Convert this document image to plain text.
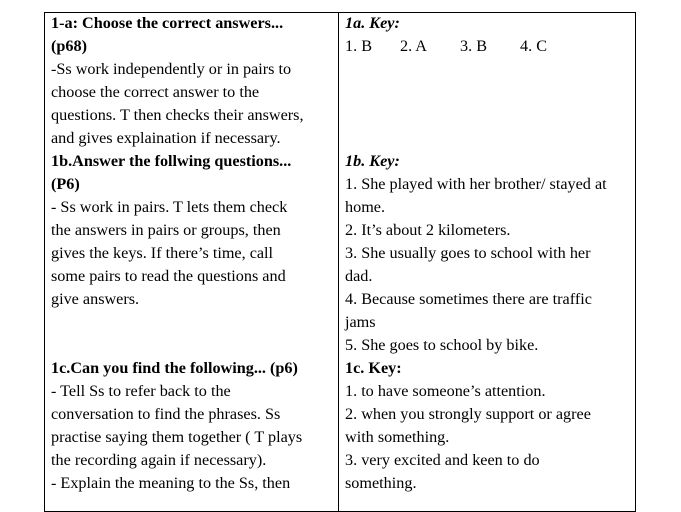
1-a: Choose the correct answers...
(p68)
-Ss work independently or in pairs to
choose the correct answer to the
questions. T then checks their answers,
and gives explaination if necessary.
1b.Answer the follwing questions...
(P6)
- Ss work in pairs. T lets them check
the answers in pairs or groups, then
gives the keys. If there’s time, call
some pairs to read the questions and
give answers.
1c.Can you find the following... (p6)
- Tell Ss to refer back to the
conversation to find the phrases. Ss
practise saying them together ( T plays
the recording again if necessary).
- Explain the meaning to the Ss, then
1a. Key:
1. B 2. A 3. B 4. C
1b. Key:
1. She played with her brother/ stayed at
home.
2. It’s about 2 kilometers.
3. She usually goes to school with her
dad.
4. Because sometimes there are traffic
jams
5. She goes to school by bike.
1c. Key:
1. to have someone’s attention.
2. when you strongly support or agree
with something.
3. very excited and keen to do
something.
